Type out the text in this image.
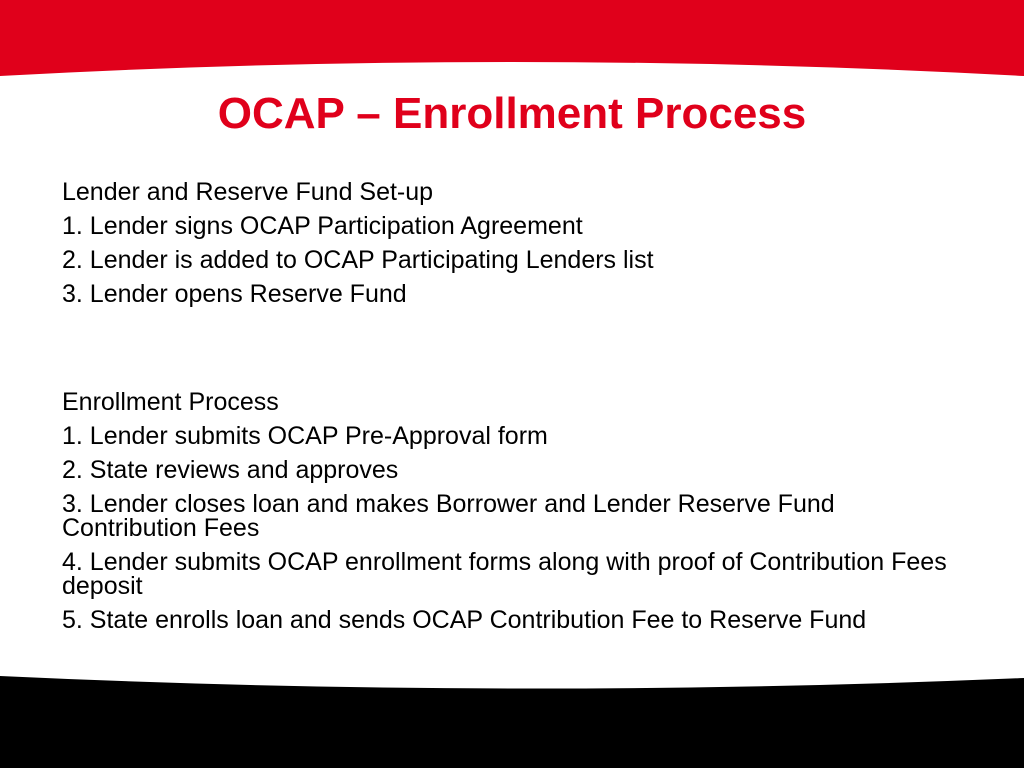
OCAP – Enrollment Process

Lender and Reserve Fund Set-up

1. Lender signs OCAP Participation Agreement

2. Lender is added to OCAP Participating Lenders list

3. Lender opens Reserve Fund

Enrollment Process

1. Lender submits OCAP Pre-Approval form

2. State reviews and approves

3. Lender closes loan and makes Borrower and Lender Reserve Fund Contribution Fees

4. Lender submits OCAP enrollment forms along with proof of Contribution Fees deposit

5. State enrolls loan and sends OCAP Contribution Fee to Reserve Fund
